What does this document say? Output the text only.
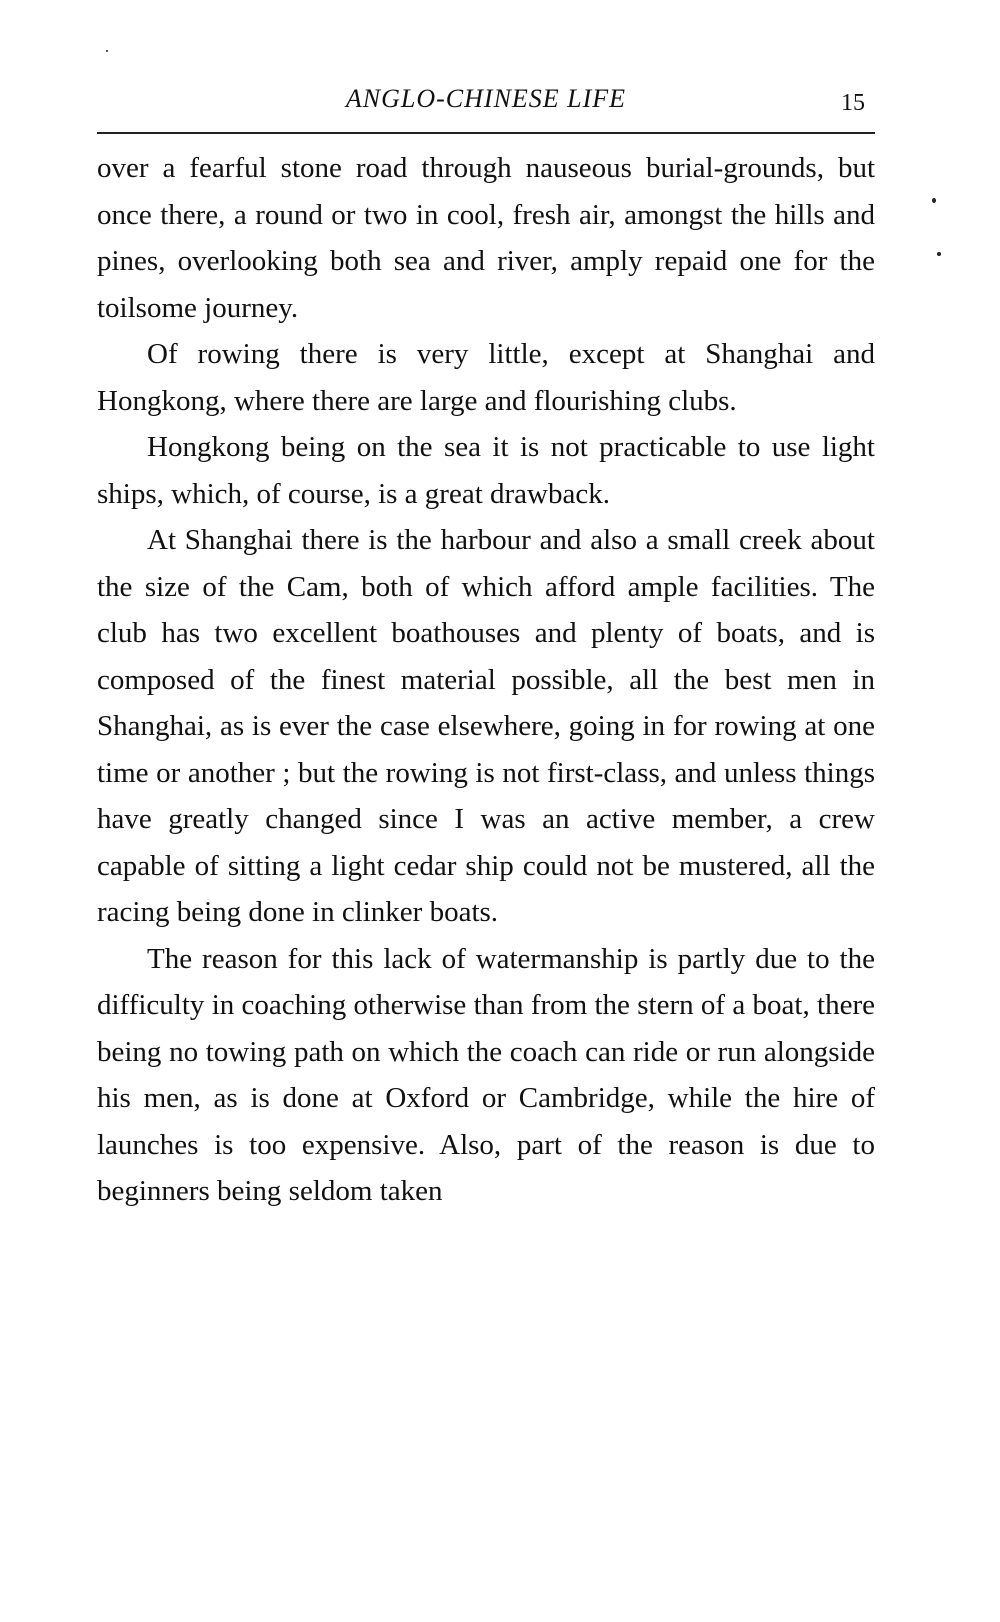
ANGLO-CHINESE LIFE	15

over a fearful stone road through nauseous burial-grounds, but once there, a round or two in cool, fresh air, amongst the hills and pines, overlooking both sea and river, amply repaid one for the toilsome journey.

Of rowing there is very little, except at Shanghai and Hongkong, where there are large and flourishing clubs.

Hongkong being on the sea it is not practicable to use light ships, which, of course, is a great drawback.

At Shanghai there is the harbour and also a small creek about the size of the Cam, both of which afford ample facilities. The club has two excellent boathouses and plenty of boats, and is composed of the finest material possible, all the best men in Shanghai, as is ever the case elsewhere, going in for rowing at one time or another ; but the rowing is not first-class, and unless things have greatly changed since I was an active member, a crew capable of sitting a light cedar ship could not be mustered, all the racing being done in clinker boats.

The reason for this lack of watermanship is partly due to the difficulty in coaching otherwise than from the stern of a boat, there being no towing path on which the coach can ride or run alongside his men, as is done at Oxford or Cambridge, while the hire of launches is too expensive. Also, part of the reason is due to beginners being seldom taken
